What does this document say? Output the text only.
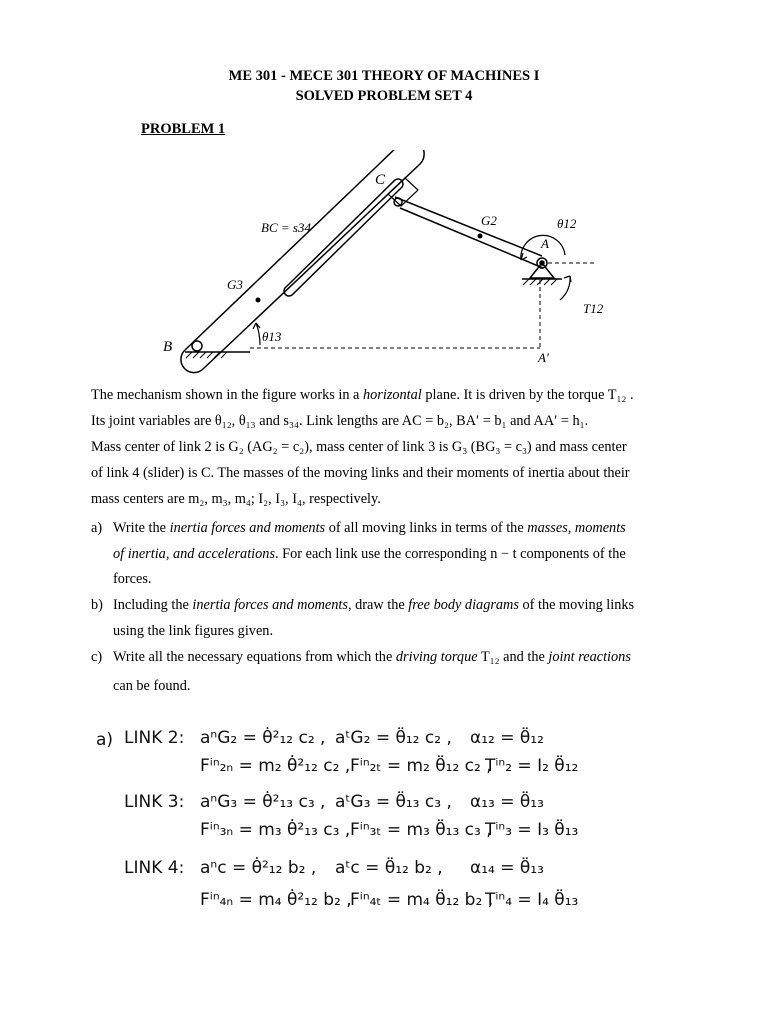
ME 301 - MECE 301 THEORY OF MACHINES I
SOLVED PROBLEM SET 4
PROBLEM 1
C
BC = s34	G2	θ12
A
G3
T12
θ13
B
A′
The mechanism shown in the figure works in a horizontal plane. It is driven by the torque T₁₂ .
Its joint variables are θ₁₂, θ₁₃ and s₃₄. Link lengths are AC = b₂, BA′ = b₁ and AA′ = h₁.
Mass center of link 2 is G₂ (AG₂ = c₂), mass center of link 3 is G₃ (BG₃ = c₃) and mass center
of link 4 (slider) is C. The masses of the moving links and their moments of inertia about their
mass centers are m₂, m₃, m₄; I₂, I₃, I₄, respectively.
a) Write the inertia forces and moments of all moving links in terms of the masses, moments
of inertia, and accelerations. For each link use the corresponding n − t components of the
forces.
b) Including the inertia forces and moments, draw the free body diagrams of the moving links
using the link figures given.
c) Write all the necessary equations from which the driving torque T₁₂ and the joint reactions
can be found.
a) LINK 2: aⁿG₂ = θ̇²₁₂ c₂ , aᵗG₂ = θ̈₁₂ c₂ , α₁₂ = θ̈₁₂
Fⁱⁿ₂ₙ = m₂ θ̇²₁₂ c₂ , Fⁱⁿ₂ₜ = m₂ θ̈₁₂ c₂ ,
Tⁱⁿ₂ = I₂ θ̈₁₂
LINK 3: aⁿG₃ = θ̇²₁₃ c₃ , aᵗG₃ = θ̈₁₃ c₃ , α₁₃ = θ̈₁₃
Fⁱⁿ₃ₙ = m₃ θ̇²₁₃ c₃ , Fⁱⁿ₃ₜ = m₃ θ̈₁₃ c₃ ,
Tⁱⁿ₃ = I₃ θ̈₁₃
LINK 4: aⁿc = θ̇²₁₂ b₂ , aᵗc = θ̈₁₂ b₂ , α₁₄ = θ̈₁₃
Fⁱⁿ₄ₙ = m₄ θ̇²₁₂ b₂ ,
Fⁱⁿ₄ₜ = m₄ θ̈₁₂ b₂ ,
Tⁱⁿ₄ = I₄ θ̈₁₃
